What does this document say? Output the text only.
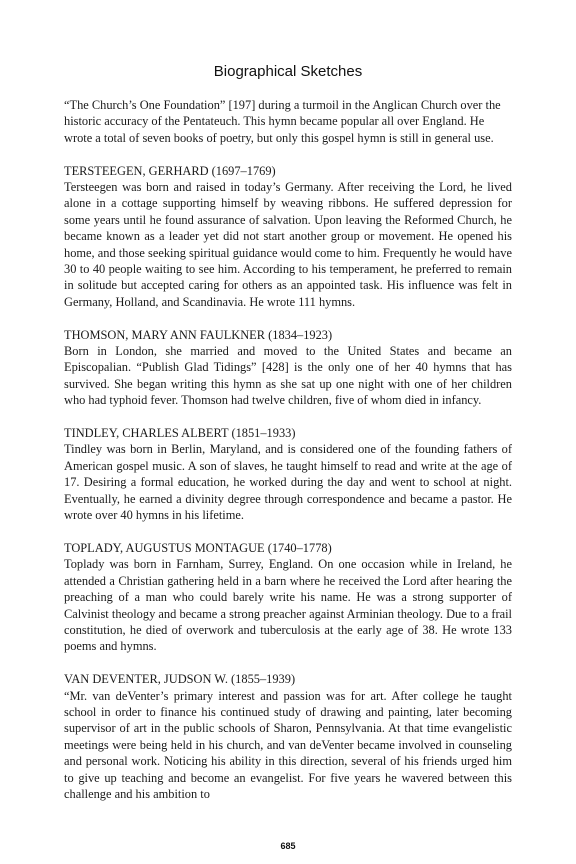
Biographical Sketches

“The Church’s One Foundation” [197] during a turmoil in the Anglican Church over the historic accuracy of the Pentateuch. This hymn became popular all over England. He wrote a total of seven books of poetry, but only this gospel hymn is still in general use.

TERSTEEGEN, GERHARD (1697–1769)
Tersteegen was born and raised in today’s Germany. After receiving the Lord, he lived alone in a cottage supporting himself by weaving ribbons. He suffered depression for some years until he found assurance of salvation. Upon leaving the Reformed Church, he became known as a leader yet did not start another group or movement. He opened his home, and those seeking spiritual guidance would come to him. Frequently he would have 30 to 40 people waiting to see him. According to his temperament, he preferred to remain in solitude but accepted caring for others as an appointed task. His influence was felt in Germany, Holland, and Scandinavia. He wrote 111 hymns.
THOMSON, MARY ANN FAULKNER (1834–1923)
Born in London, she married and moved to the United States and became an Episcopalian. “Publish Glad Tidings” [428] is the only one of her 40 hymns that has survived. She began writing this hymn as she sat up one night with one of her children who had typhoid fever. Thomson had twelve children, five of whom died in infancy.
TINDLEY, CHARLES ALBERT (1851–1933)
Tindley was born in Berlin, Maryland, and is considered one of the founding fathers of American gospel music. A son of slaves, he taught himself to read and write at the age of 17. Desiring a formal education, he worked during the day and went to school at night. Eventually, he earned a divinity degree through correspondence and became a pastor. He wrote over 40 hymns in his lifetime.
TOPLADY, AUGUSTUS MONTAGUE (1740–1778)
Toplady was born in Farnham, Surrey, England. On one occasion while in Ireland, he attended a Christian gathering held in a barn where he received the Lord after hearing the preaching of a man who could barely write his name. He was a strong supporter of Calvinist theology and became a strong preacher against Arminian theology. Due to a frail constitution, he died of overwork and tuberculosis at the early age of 38. He wrote 133 poems and hymns.
VAN DEVENTER, JUDSON W. (1855–1939)
“Mr. van deVenter’s primary interest and passion was for art. After college he taught school in order to finance his continued study of drawing and painting, later becoming supervisor of art in the public schools of Sharon, Pennsylvania. At that time evangelistic meetings were being held in his church, and van deVenter became involved in counseling and personal work. Noticing his ability in this direction, several of his friends urged him to give up teaching and become an evangelist. For five years he wavered between this challenge and his ambition to
685
